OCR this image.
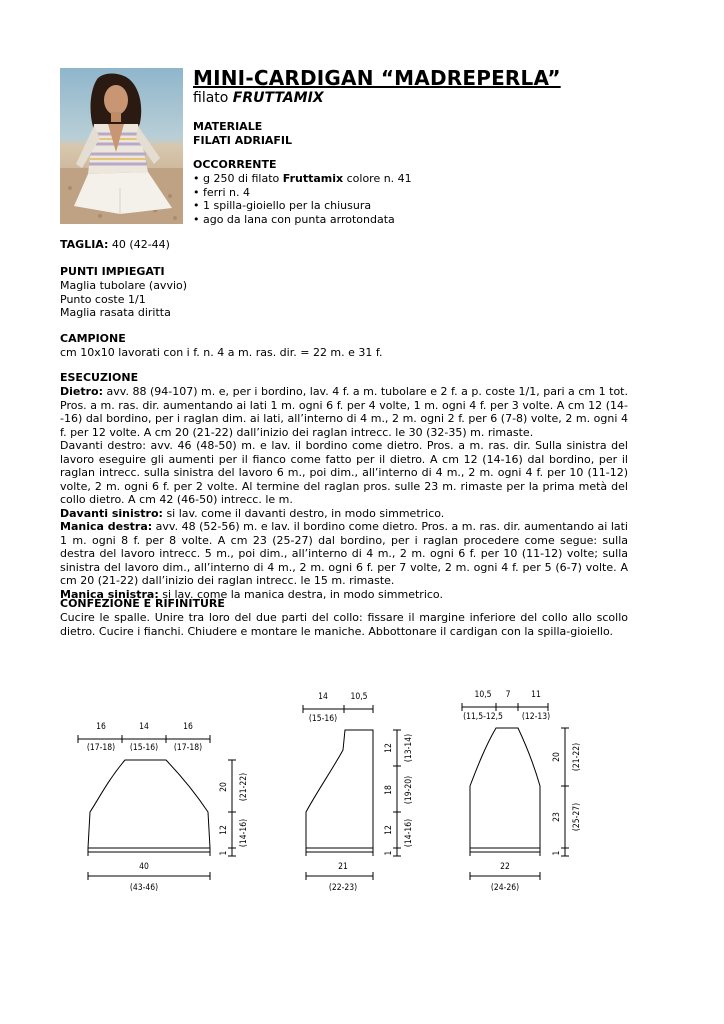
MINI-CARDIGAN “MADREPERLA”
filato FRUTTAMIX
MATERIALE
FILATI ADRIAFIL
OCCORRENTE
• g 250 di filato Fruttamix colore n. 41
• ferri n. 4
• 1 spilla-gioiello per la chiusura
• ago da lana con punta arrotondata
TAGLIA: 40 (42-44)
PUNTI IMPIEGATI
Maglia tubolare (avvio)
Punto coste 1/1
Maglia rasata diritta
CAMPIONE
cm 10x10 lavorati con i f. n. 4 a m. ras. dir. = 22 m. e 31 f.
ESECUZIONE

Dietro: avv. 88 (94-107) m. e, per i bordino, lav. 4 f. a m. tubolare e 2 f. a p. coste 1/1, pari a cm 1 tot. Pros. a m. ras. dir. aumentando ai lati 1 m. ogni 6 f. per 4 volte, 1 m. ogni 4 f. per 3 volte. A cm 12 (14--16) dal bordino, per i raglan dim. ai lati, all’interno di 4 m., 2 m. ogni 2 f. per 6 (7-8) volte, 2 m. ogni 4 f. per 12 volte. A cm 20 (21-22) dall’inizio dei raglan intrecc. le 30 (32-35) m. rimaste.

Davanti destro: avv. 46 (48-50) m. e lav. il bordino come dietro. Pros. a m. ras. dir. Sulla sinistra del lavoro eseguire gli aumenti per il fianco come fatto per il dietro. A cm 12 (14-16) dal bordino, per il raglan intrecc. sulla sinistra del lavoro 6 m., poi dim., all’interno di 4 m., 2 m. ogni 4 f. per 10 (11-12) volte, 2 m. ogni 6 f. per 2 volte. Al termine del raglan pros. sulle 23 m. rimaste per la prima metà del collo dietro. A cm 42 (46-50) intrecc. le m.

Davanti sinistro: si lav. come il davanti destro, in modo simmetrico.

Manica destra: avv. 48 (52-56) m. e lav. il bordino come dietro. Pros. a m. ras. dir. aumentando ai lati 1 m. ogni 8 f. per 8 volte. A cm 23 (25-27) dal bordino, per i raglan procedere come segue: sulla destra del lavoro intrecc. 5 m., poi dim., all’interno di 4 m., 2 m. ogni 6 f. per 10 (11-12) volte; sulla sinistra del lavoro dim., all’interno di 4 m., 2 m. ogni 6 f. per 7 volte, 2 m. ogni 4 f. per 5 (6-7) volte. A cm 20 (21-22) dall’inizio dei raglan intrecc. le 15 m. rimaste.

Manica sinistra: si lav. come la manica destra, in modo simmetrico.

CONFEZIONE E RIFINITURE

Cucire le spalle. Unire tra loro del due parti del collo: fissare il margine inferiore del collo allo scollo dietro. Cucire i fianchi. Chiudere e montare le maniche. Abbottonare il cardigan con la spilla-gioiello.

16	14	16
(17-18) (15-16) (17-18)
20 (21-22)
12 (14-16)
1
40
(43-46)
14	10,5
(15-16)
12 (13-14)
18 (19-20)
12 (14-16)
1
21
(22-23)
10,5 7 11
(11,5-12,5 (12-13)
20 (21-22)
23 (25-27)
1
22
(24-26)
